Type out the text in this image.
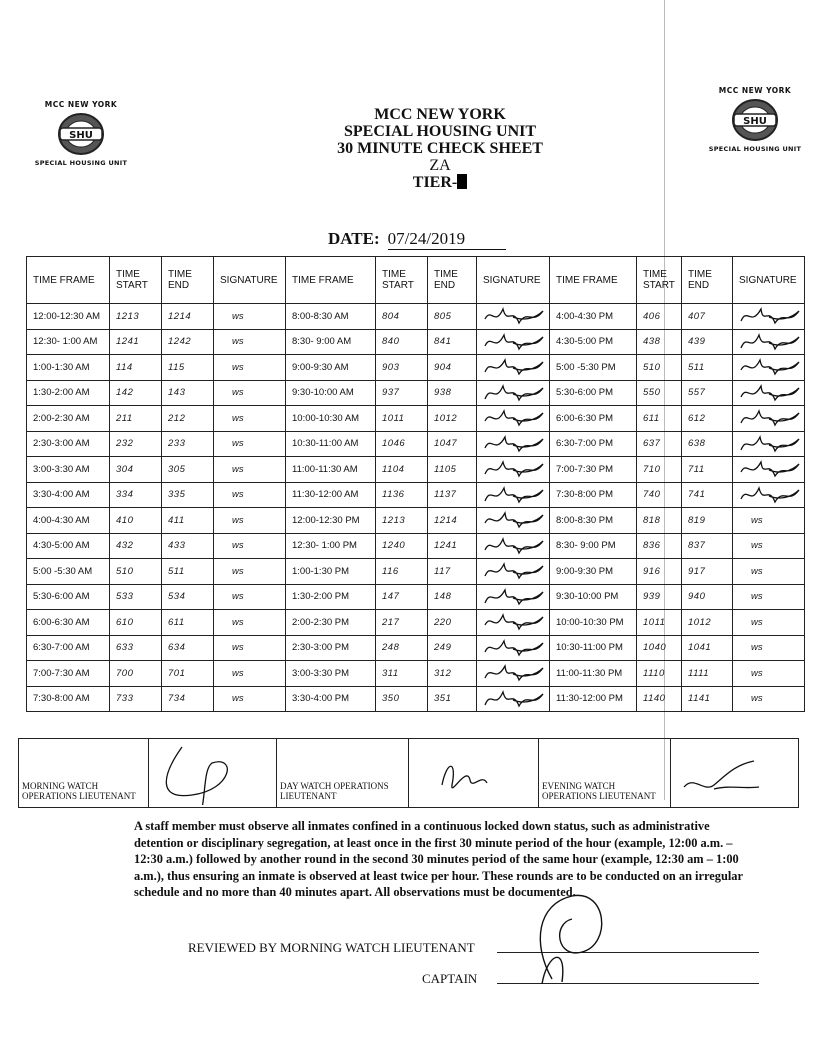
MCC NEW YORK
SHU
SPECIAL HOUSING UNIT
MCC NEW YORK
SHU
SPECIAL HOUSING UNIT
MCC NEW YORK
SPECIAL HOUSING UNIT
30 MINUTE CHECK SHEET
ZA
TIER-
DATE: 07/24/2019
TIME FRAME	TIME START	TIME END	SIGNATURE	TIME FRAME	TIME START	TIME END	SIGNATURE	TIME FRAME	TIME START	TIME END	SIGNATURE
12:00-12:30 AM	1213	1214	ws	8:00-8:30 AM	804	805		4:00-4:30 PM	406	407	

12:30- 1:00 AM	1241	1242	ws	8:30- 9:00 AM	840	841		4:30-5:00 PM	438	439	

1:00-1:30 AM	114	115	ws	9:00-9:30 AM	903	904		5:00 -5:30 PM	510	511	

1:30-2:00 AM	142	143	ws	9:30-10:00 AM	937	938		5:30-6:00 PM	550	557	

2:00-2:30 AM	211	212	ws	10:00-10:30 AM	1011	1012		6:00-6:30 PM	611	612	

2:30-3:00 AM	232	233	ws	10:30-11:00 AM	1046	1047		6:30-7:00 PM	637	638	

3:00-3:30 AM	304	305	ws	11:00-11:30 AM	1104	1105		7:00-7:30 PM	710	711	

3:30-4:00 AM	334	335	ws	11:30-12:00 AM	1136	1137		7:30-8:00 PM	740	741	

4:00-4:30 AM	410	411	ws	12:00-12:30 PM	1213	1214		8:00-8:30 PM	818	819	ws
4:30-5:00 AM	432	433	ws	12:30- 1:00 PM	1240	1241		8:30- 9:00 PM	836	837	ws
5:00 -5:30 AM	510	511	ws	1:00-1:30 PM	116	117		9:00-9:30 PM	916	917	ws
5:30-6:00 AM	533	534	ws	1:30-2:00 PM	147	148		9:30-10:00 PM	939	940	ws
6:00-6:30 AM	610	611	ws	2:00-2:30 PM	217	220		10:00-10:30 PM	1011	1012	ws
6:30-7:00 AM	633	634	ws	2:30-3:00 PM	248	249		10:30-11:00 PM	1040	1041	ws
7:00-7:30 AM	700	701	ws	3:00-3:30 PM	311	312		11:00-11:30 PM	1110	1111	ws
7:30-8:00 AM	733	734	ws	3:30-4:00 PM	350	351		11:30-12:00 PM	1140	1141	ws
MORNING WATCH OPERATIONS LIEUTENANT		DAY WATCH OPERATIONS LIEUTENANT		EVENING WATCH OPERATIONS LIEUTENANT	
A staff member must observe all inmates confined in a continuous locked down status, such as administrative detention or disciplinary segregation, at least once in the first 30 minute period of the hour (example, 12:00 a.m. – 12:30 a.m.) followed by another round in the second 30 minutes period of the same hour (example, 12:30 am – 1:00 a.m.), thus ensuring an inmate is observed at least twice per hour. These rounds are to be conducted on an irregular schedule and no more than 40 minutes apart. All observations must be documented.
REVIEWED BY MORNING WATCH LIEUTENANT
CAPTAIN
